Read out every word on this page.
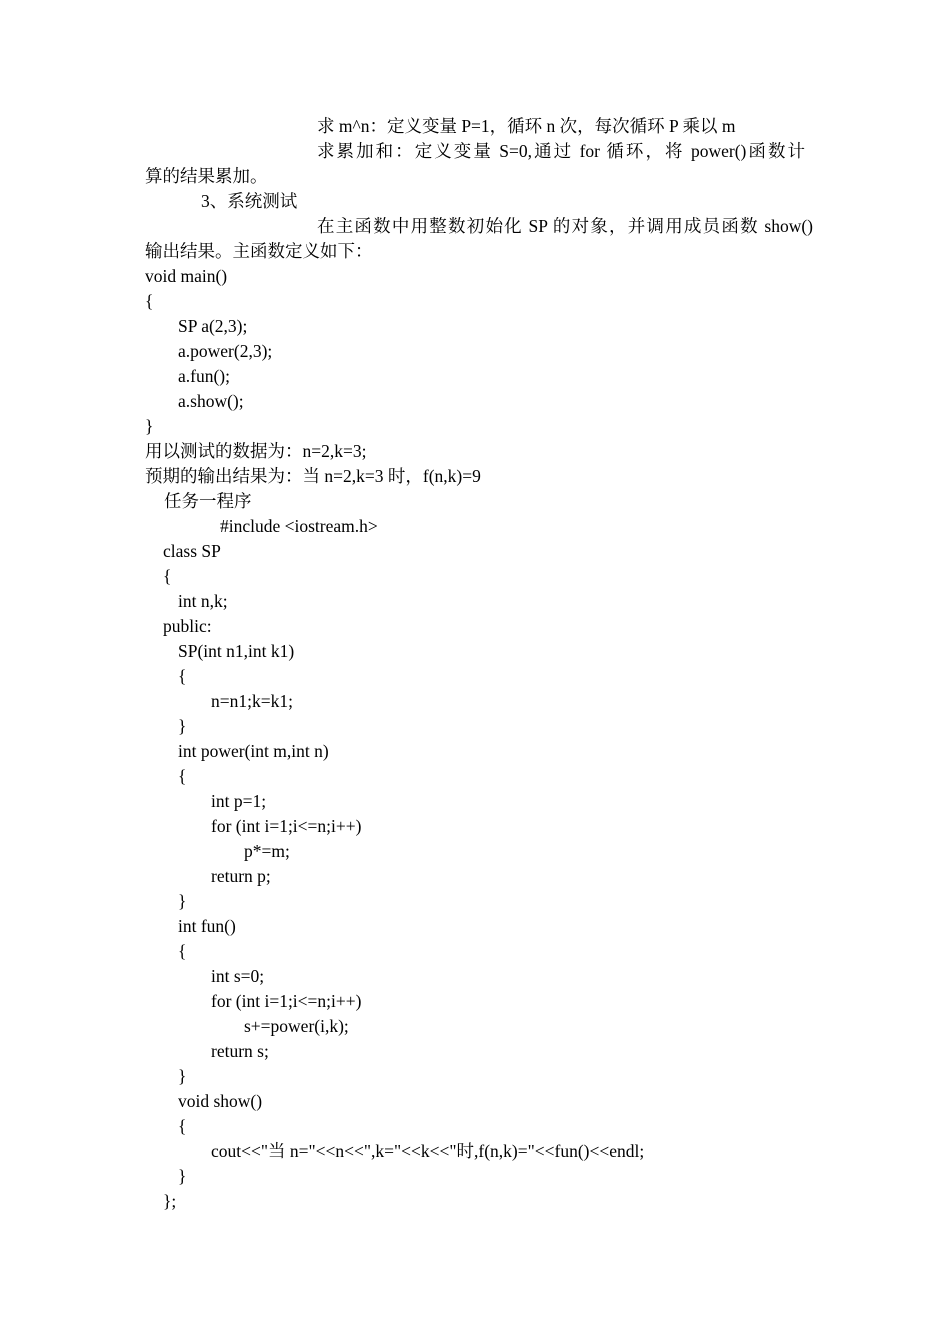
求 m^n：定义变量 P=1，循环 n 次，每次循环 P 乘以 m

求累加和：定义变量 S=0,通过 for 循环，将 power()函数计

算的结果累加。

3、系统测试

在主函数中用整数初始化 SP 的对象，并调用成员函数 show()

输出结果。主函数定义如下：

void main()

{

SP a(2,3);

a.power(2,3);

a.fun();

a.show();

}

用以测试的数据为：n=2,k=3;

预期的输出结果为：当 n=2,k=3 时，f(n,k)=9

任务一程序

#include <iostream.h>

class SP

{

int n,k;

public:

SP(int n1,int k1)

{

n=n1;k=k1;

}

int power(int m,int n)

{

int p=1;

for (int i=1;i<=n;i++)

p*=m;

return p;

}

int fun()

{

int s=0;

for (int i=1;i<=n;i++)

s+=power(i,k);

return s;

}

void show()

{

cout<<"当 n="<<n<<",k="<<k<<"时,f(n,k)="<<fun()<<endl;

}

};
